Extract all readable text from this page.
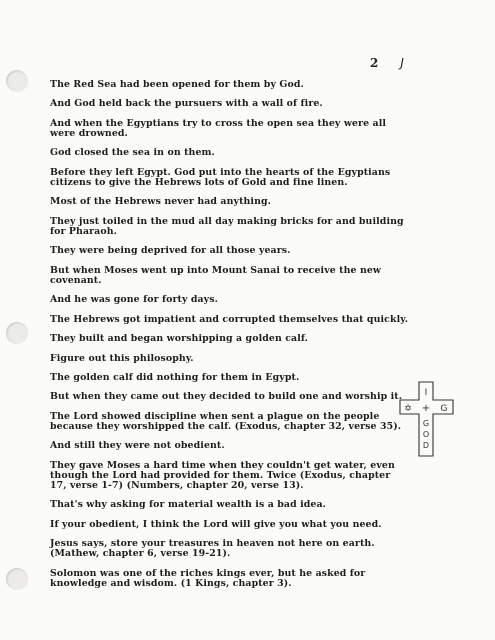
2 J

The Red Sea had been opened for them by God.

And God held back the pursuers with a wall of fire.

And when the Egyptians try to cross the open sea they were all were drowned.

God closed the sea in on them.

Before they left Egypt. God put into the hearts of the Egyptians citizens to give the Hebrews lots of Gold and fine linen.

Most of the Hebrews never had anything.

They just toiled in the mud all day making bricks for and building for Pharaoh.

They were being deprived for all those years.

But when Moses went up into Mount Sanai to receive the new covenant.

And he was gone for forty days.

The Hebrews got impatient and corrupted themselves that quickly.

They built and began worshipping a golden calf.

Figure out this philosophy.

The golden calf did nothing for them in Egypt.

But when they came out they decided to build one and worship it.

The Lord showed discipline when sent a plague on the people because they worshipped the calf. (Exodus, chapter 32, verse 35).

And still they were not obedient.

They gave Moses a hard time when they couldn't get water, even though the Lord had provided for them. Twice (Exodus, chapter 17, verse 1-7) (Numbers, chapter 20, verse 13).

That's why asking for material wealth is a bad idea.

If your obedient, I think the Lord will give you what you need.

Jesus says, store your treasures in heaven not here on earth. (Mathew, chapter 6, verse 19-21).

Solomon was one of the riches kings ever, but he asked for knowledge and wisdom. (1 Kings, chapter 3).

I
✡ + G
G
O
D
